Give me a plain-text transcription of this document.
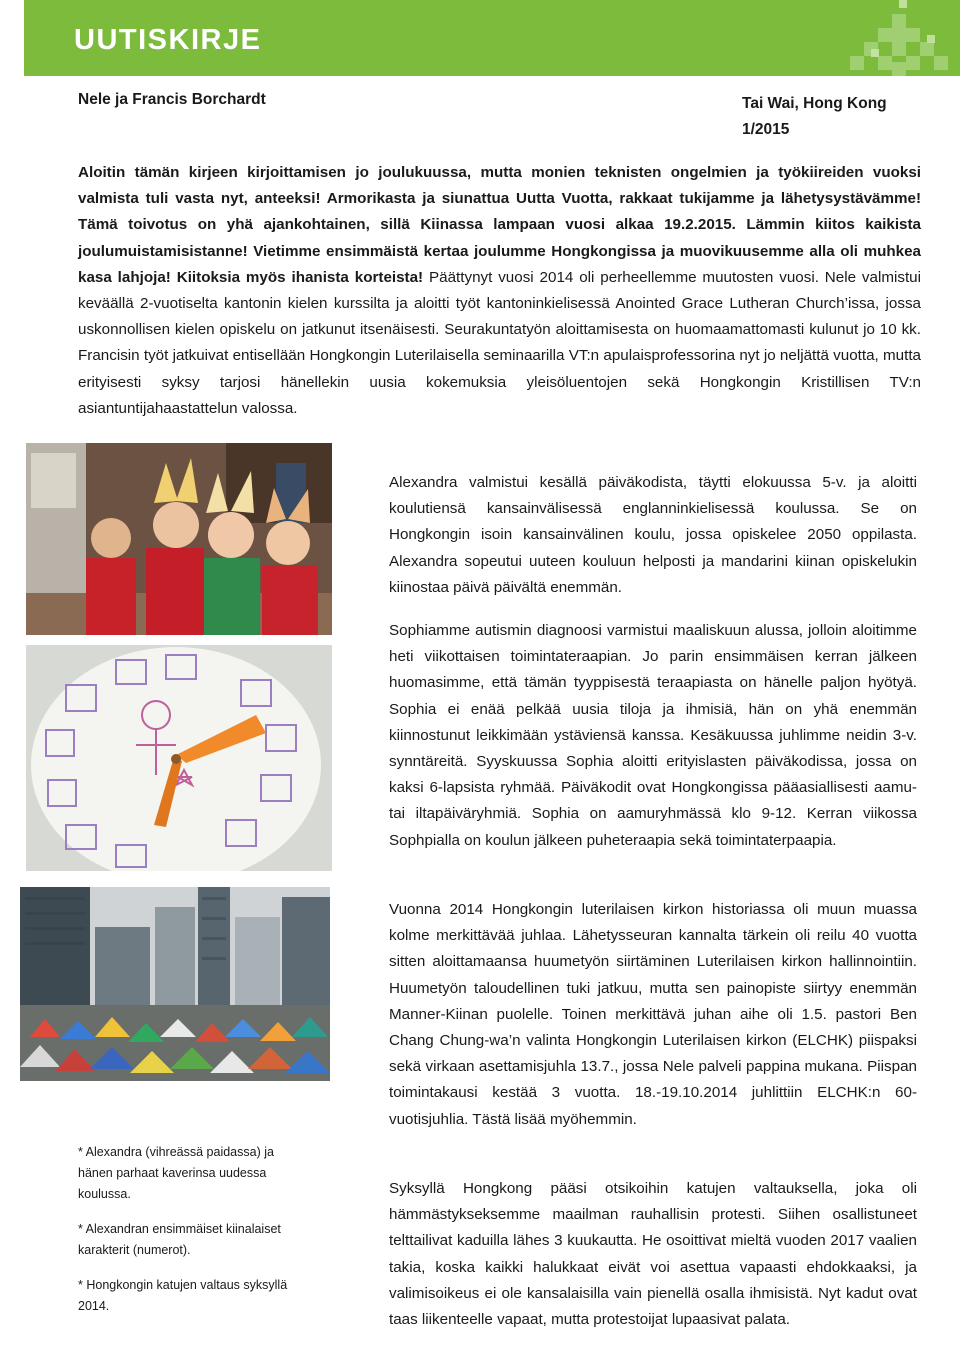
UUTISKIRJE
Nele ja Francis Borchardt	Tai Wai, Hong Kong
1/2015
Aloitin tämän kirjeen kirjoittamisen jo joulukuussa, mutta monien teknisten ongelmien ja työkiireiden vuoksi valmista tuli vasta nyt, anteeksi! Armorikasta ja siunattua Uutta Vuotta, rakkaat tukijamme ja lähetysystävämme! Tämä toivotus on yhä ajankohtainen, sillä Kiinassa lampaan vuosi alkaa 19.2.2015. Lämmin kiitos kaikista joulumuistamisistanne! Vietimme ensimmäistä kertaa joulumme Hongkongissa ja muovikuusemme alla oli muhkea kasa lahjoja! Kiitoksia myös ihanista korteista! Päättynyt vuosi 2014 oli perheellemme muutosten vuosi. Nele valmistui keväällä 2-vuotiselta kantonin kielen kurssilta ja aloitti työt kantoninkielisessä Anointed Grace Lutheran Church’issa, jossa uskonnollisen kielen opiskelu on jatkunut itsenäisesti. Seurakuntatyön aloittamisesta on huomaamattomasti kulunut jo 10 kk. Francisin työt jatkuivat entisellään Hongkongin Luterilaisella seminaarilla VT:n apulaisprofessorina nyt jo neljättä vuotta, mutta erityisesti syksy tarjosi hänellekin uusia kokemuksia yleisöluentojen sekä Hongkongin Kristillisen TV:n asiantuntijahaastattelun valossa.
Alexandra valmistui kesällä päiväkodista, täytti elokuussa 5-v. ja aloitti koulutiensä kansainvälisessä englanninkielisessä koulussa. Se on Hongkongin isoin kansainvälinen koulu, jossa opiskelee 2050 oppilasta. Alexandra sopeutui uuteen kouluun helposti ja mandarini kiinan opiskelukin kiinostaa päivä päivältä enemmän.
Sophiamme autismin diagnoosi varmistui maaliskuun alussa, jolloin aloitimme heti viikottaisen toimintateraapian. Jo parin ensimmäisen kerran jälkeen huomasimme, että tämän tyyppisestä teraapiasta on hänelle paljon hyötyä. Sophia ei enää pelkää uusia tiloja ja ihmisiä, hän on yhä enemmän kiinnostunut leikkimään ystäviensä kanssa. Kesäkuussa juhlimme neidin 3-v. synntäreitä. Syyskuussa Sophia aloitti erityislasten päiväkodissa, jossa on kaksi 6-lapsista ryhmää. Päiväkodit ovat Hongkongissa pääasiallisesti aamu- tai iltapäiväryhmiä. Sophia on aamuryhmässä klo 9-12. Kerran viikossa Sophpialla on koulun jälkeen puheteraapia sekä toimintaterpaapia.
Vuonna 2014 Hongkongin luterilaisen kirkon historiassa oli muun muassa kolme merkittävää juhlaa. Lähetysseuran kannalta tärkein oli reilu 40 vuotta sitten aloittamaansa huumetyön siirtäminen Luterilaisen kirkon hallinnointiin. Huumetyön taloudellinen tuki jatkuu, mutta sen painopiste siirtyy enemmän Manner-Kiinan puolelle. Toinen merkittävä juhan aihe oli 1.5. pastori Ben Chang Chung-wa’n valinta Hongkongin Luterilaisen kirkon (ELCHK) piispaksi sekä virkaan asettamisjuhla 13.7., jossa Nele palveli pappina mukana. Piispan toimintakausi kestää 3 vuotta. 18.-19.10.2014 juhlittiin ELCHK:n 60-vuotisjuhlia. Tästä lisää myöhemmin.
Syksyllä Hongkong pääsi otsikoihin katujen valtauksella, joka oli hämmästykseksemme maailman rauhallisin protesti. Siihen osallistuneet telttailivat kaduilla lähes 3 kuukautta. He osoittivat mieltä vuoden 2017 vaalien takia, koska kaikki halukkaat eivät voi asettua vapaasti ehdokkaaksi, ja valimisoikeus ei ole kansalaisilla vain pienellä osalla ihmisistä. Nyt kadut ovat taas liikenteelle vapaat, mutta protestoijat lupaasivat palata.

* Alexandra (vihreässä paidassa) ja hänen parhaat kaverinsa uudessa koulussa.

* Alexandran ensimmäiset kiinalaiset karakterit (numerot).

* Hongkongin katujen valtaus syksyllä 2014.
